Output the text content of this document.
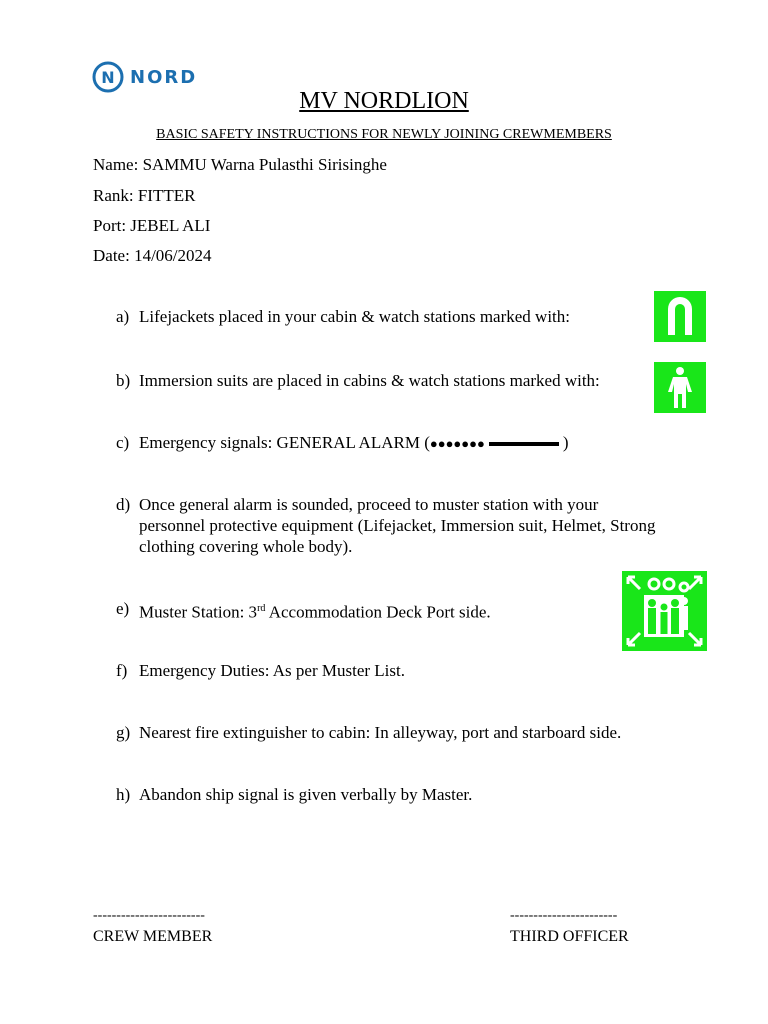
N NORD
MV NORDLION
BASIC SAFETY INSTRUCTIONS FOR NEWLY JOINING CREWMEMBERS
Name: SAMMU Warna Pulasthi Sirisinghe
Rank: FITTER
Port: JEBEL ALI
Date: 14/06/2024
a) Lifejackets placed in your cabin & watch stations marked with:
b) Immersion suits are placed in cabins & watch stations marked with:
c) Emergency signals: GENERAL ALARM (●●●●●●●	)
d) Once general alarm is sounded, proceed to muster station with your personnel protective equipment (Lifejacket, Immersion suit, Helmet, Strong clothing covering whole body).
e) Muster Station: 3rd Accommodation Deck Port side.
f) Emergency Duties: As per Muster List.
g) Nearest fire extinguisher to cabin: In alleyway, port and starboard side.
h) Abandon ship signal is given verbally by Master.
------------------------
CREW MEMBER
-----------------------
THIRD OFFICER
